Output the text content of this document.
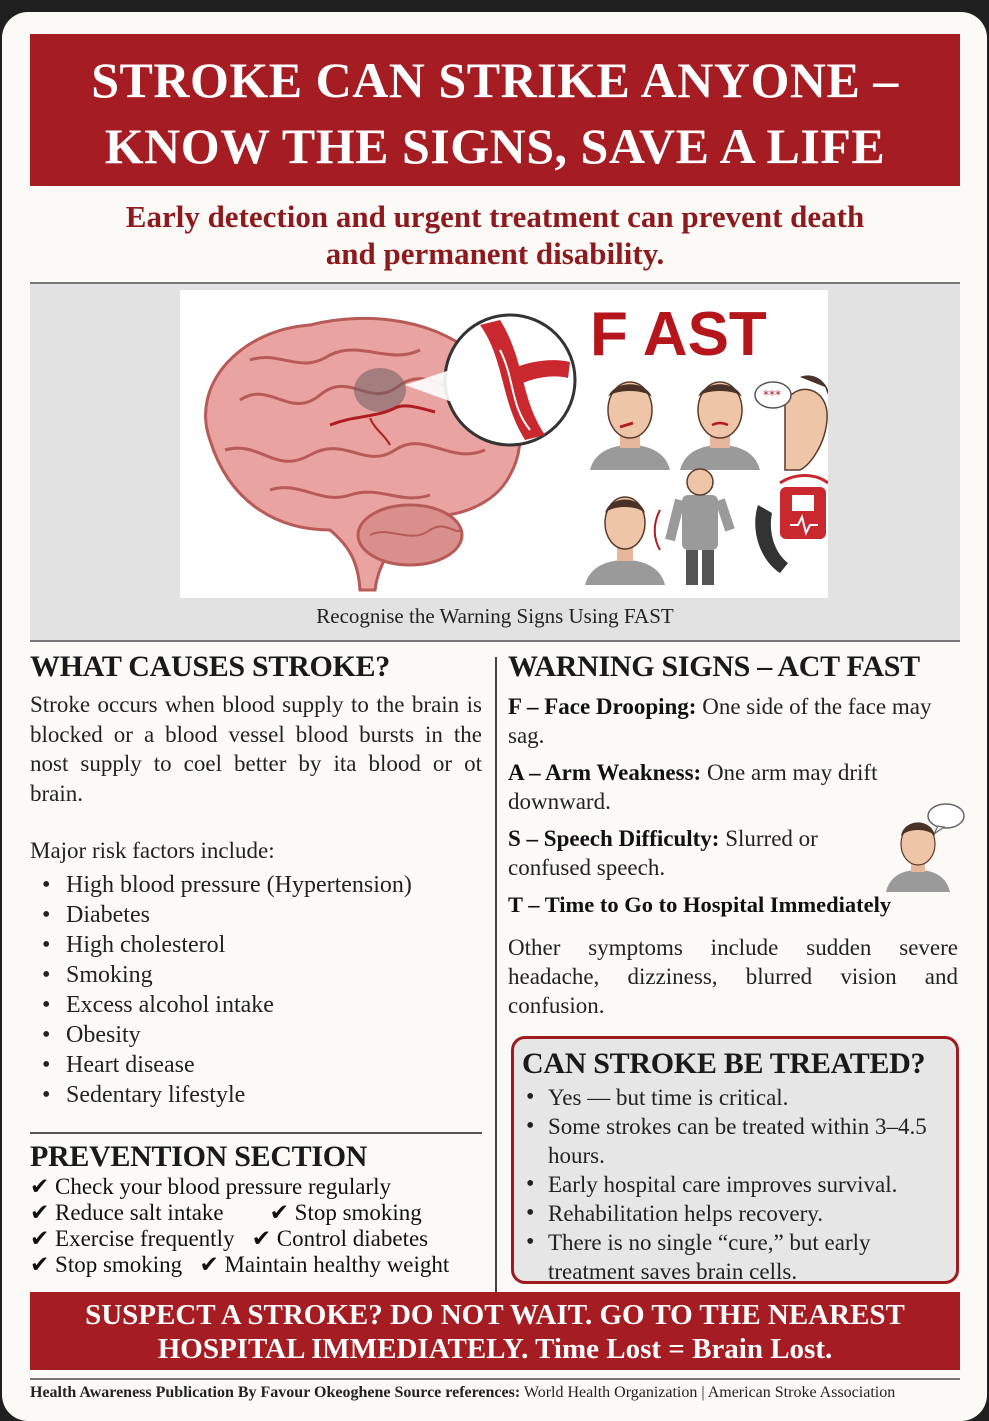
STROKE CAN STRIKE ANYONE –
KNOW THE SIGNS, SAVE A LIFE
Early detection and urgent treatment can prevent death
and permanent disability.
F AST
***
Recognise the Warning Signs Using FAST
WHAT CAUSES STROKE?

Stroke occurs when blood supply to the brain is blocked or a blood vessel blood bursts in the nost supply to coel better by ita blood or ot brain.

Major risk factors include:

• High blood pressure (Hypertension)
• Diabetes
• High cholesterol
• Smoking
• Excess alcohol intake
• Obesity
• Heart disease
• Sedentary lifestyle
PREVENTION SECTION
✔ Check your blood pressure regularly
✔ Reduce salt intake ✔ Stop smoking
✔ Exercise frequently ✔ Control diabetes
✔ Stop smoking ✔ Maintain healthy weight
WARNING SIGNS – ACT FAST

F – Face Drooping: One side of the face may sag.

A – Arm Weakness: One arm may drift downward.

S – Speech Difficulty: Slurred or confused speech.

T – Time to Go to Hospital Immediately

Other symptoms include sudden severe headache, dizziness, blurred vision and confusion.

CAN STROKE BE TREATED?
• Yes — but time is critical.
• Some strokes can be treated within 3–4.5 hours.
• Early hospital care improves survival.
• Rehabilitation helps recovery.
• There is no single “cure,” but early treatment saves brain cells.
SUSPECT A STROKE? DO NOT WAIT. GO TO THE NEAREST
HOSPITAL IMMEDIATELY. Time Lost = Brain Lost.
Health Awareness Publication By Favour Okeoghene Source references: World Health Organization | American Stroke Association
